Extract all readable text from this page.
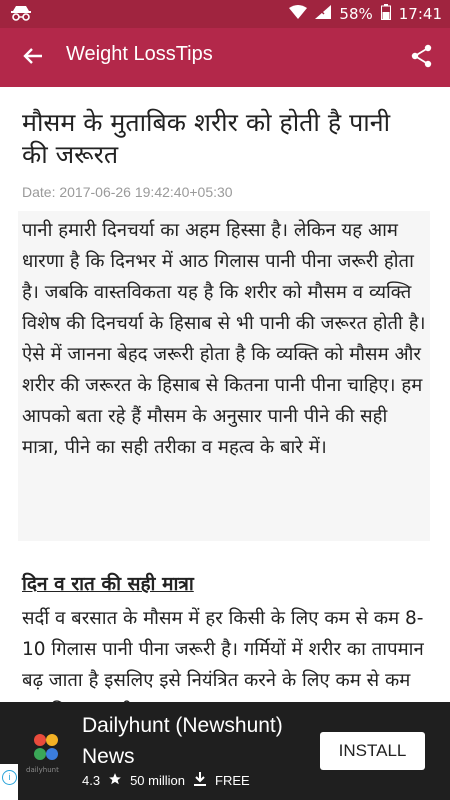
58% 17:41
Weight LossTips
मौसम के मुताबिक शरीर को होती है पानी की जरूरत
Date: 2017-06-26 19:42:40+05:30
पानी हमारी दिनचर्या का अहम हिस्सा है। लेकिन यह आम धारणा है कि दिनभर में आठ गिलास पानी पीना जरूरी होता है। जबकि वास्तविकता यह है कि शरीर को मौसम व व्यक्ति विशेष की दिनचर्या के हिसाब से भी पानी की जरूरत होती है। ऐसे में जानना बेहद जरूरी होता है कि व्यक्ति को मौसम और शरीर की जरूरत के हिसाब से कितना पानी पीना चाहिए। हम आपको बता रहे हैं मौसम के अनुसार पानी पीने की सही मात्रा, पीने का सही तरीका व महत्व के बारे में।
दिन व रात की सही मात्रा
सर्दी व बरसात के मौसम में हर किसी के लिए कम से कम 8-10 गिलास पानी पीना जरूरी है। गर्मियों में शरीर का तापमान बढ़ जाता है इसलिए इसे नियंत्रित करने के लिए कम से कम
i
dailyhunt
Dailyhunt (Newshunt) News
4.3 50 million FREE
INSTALL
